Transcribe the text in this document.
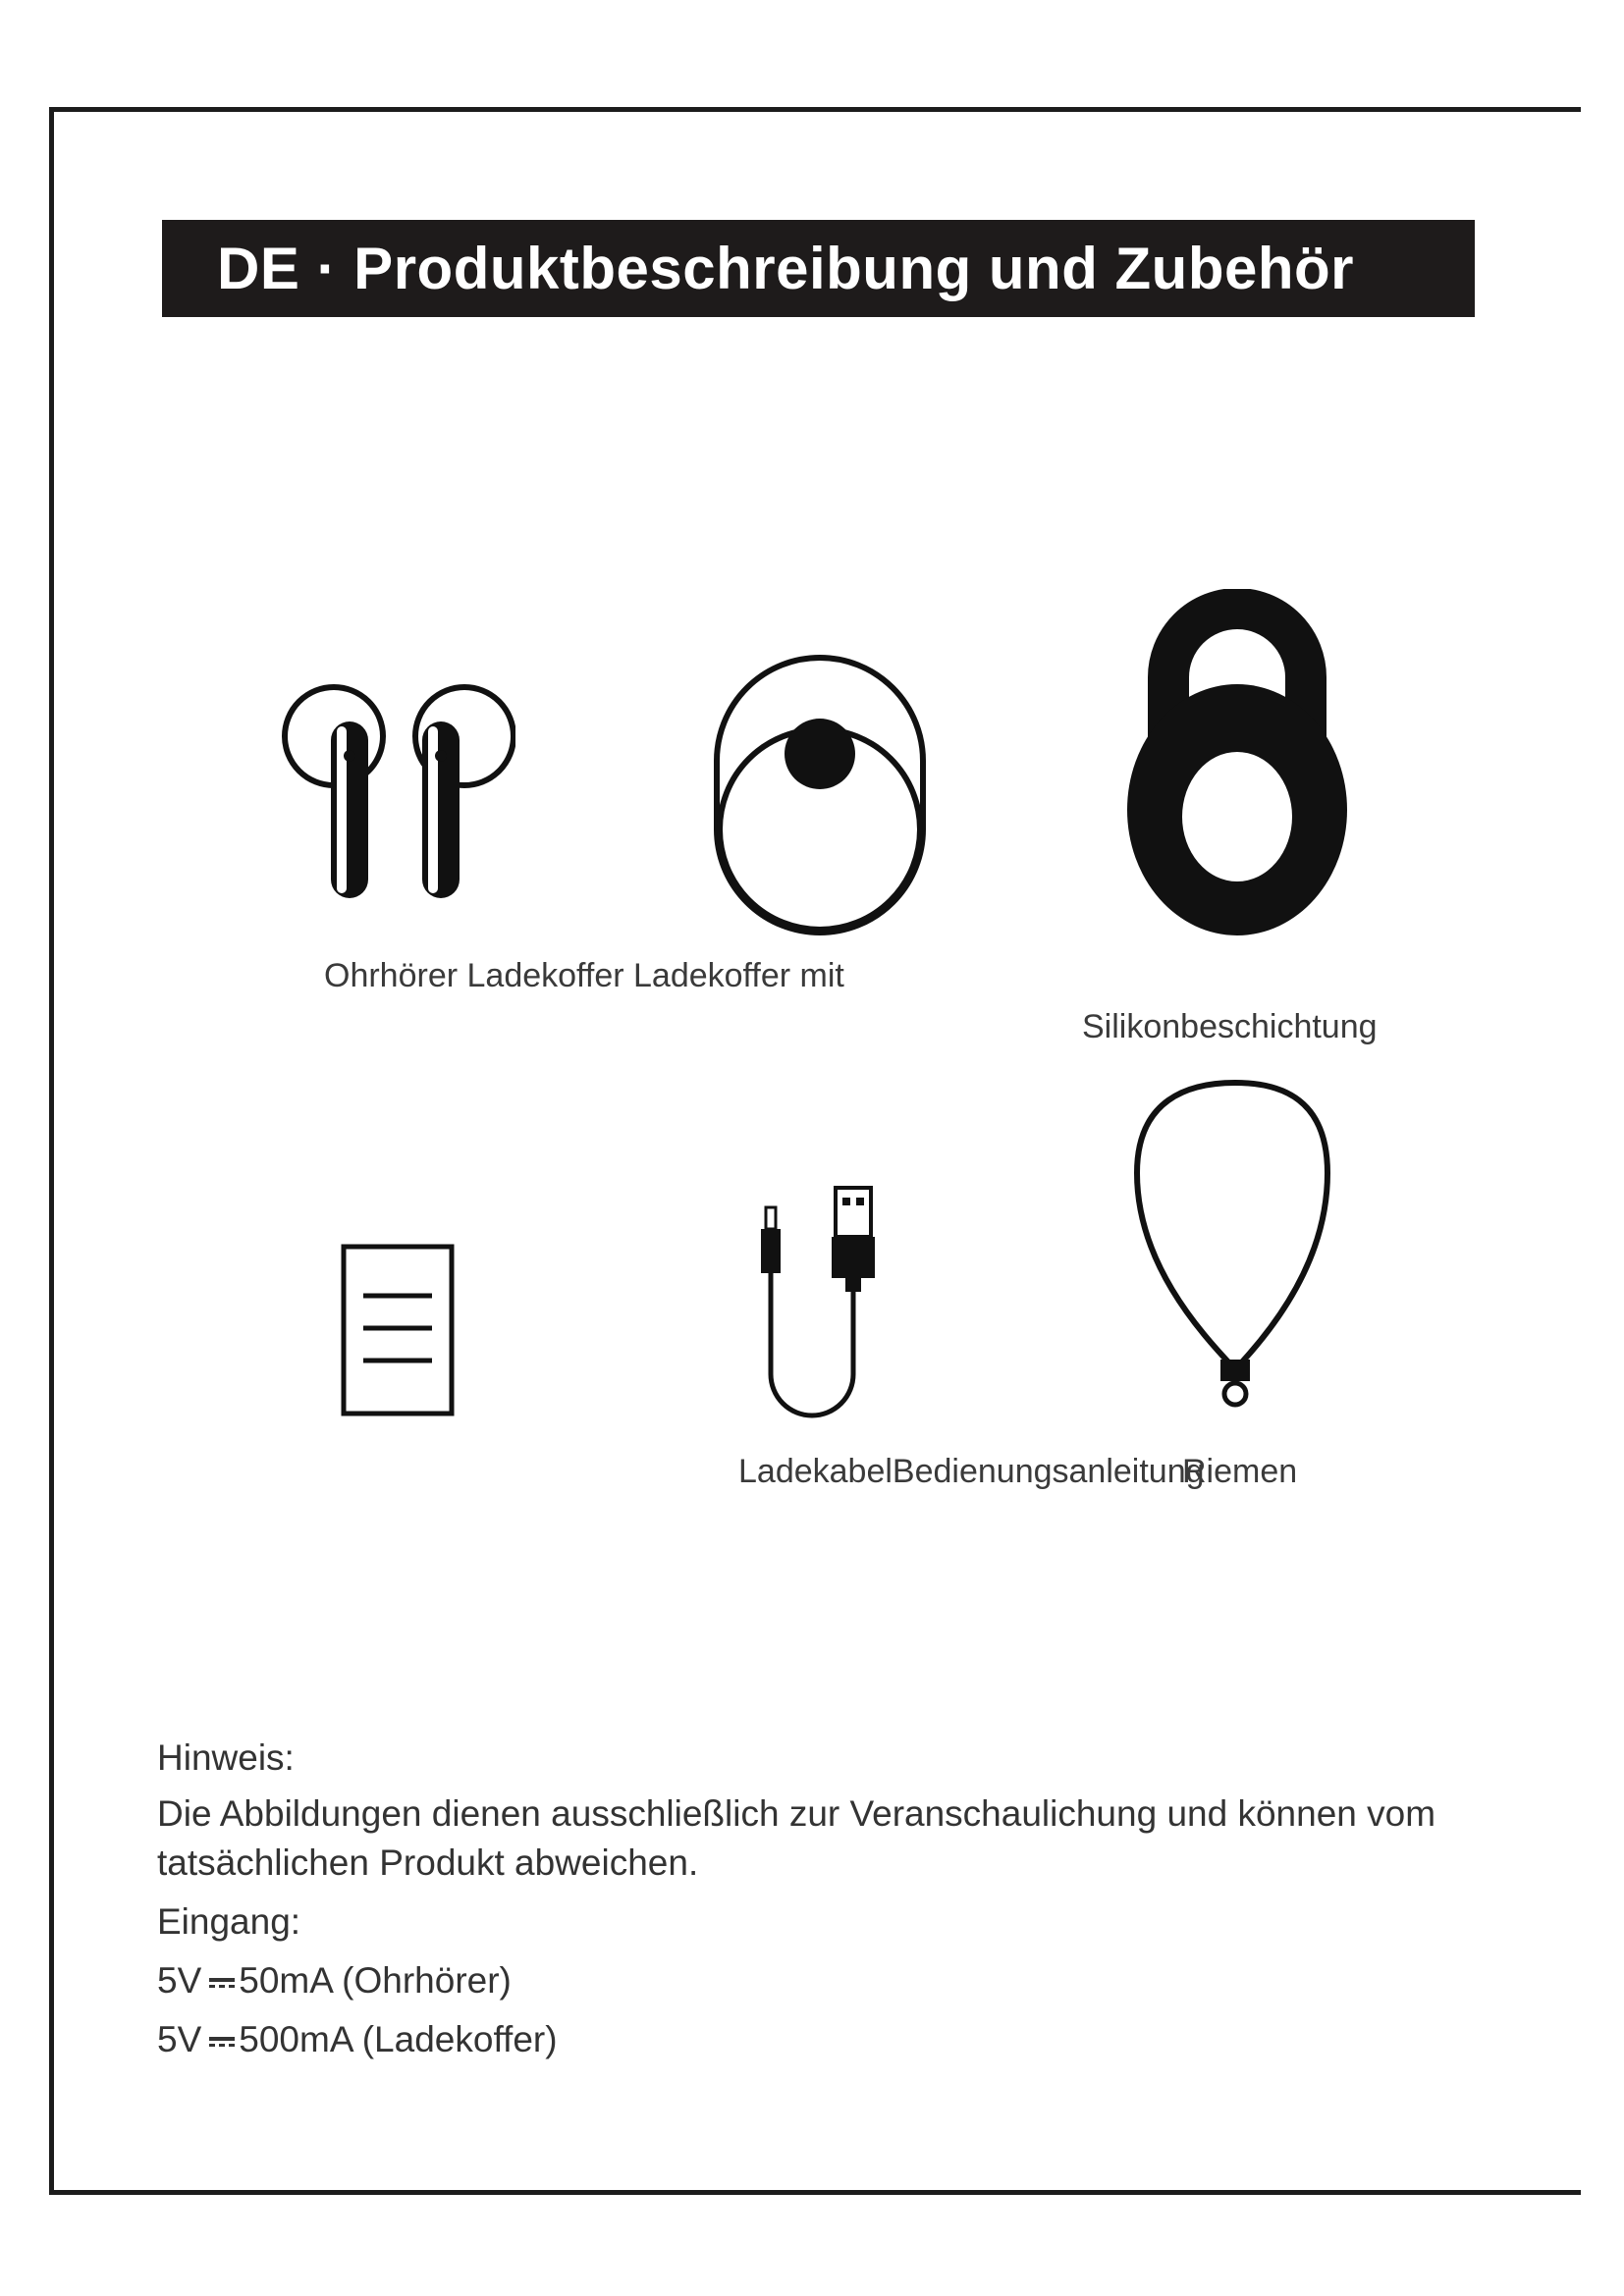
DE · Produktbeschreibung und Zubehör
Ohrhörer Ladekoffer Ladekoffer mit
Silikonbeschichtung
LadekabelBedienungsanleitung
Riemen
Hinweis:
Die Abbildungen dienen ausschließlich zur Veranschaulichung und können vom
tatsächlichen Produkt abweichen.
Eingang:
5V 50mA (Ohrhörer)
5V 500mA (Ladekoffer)
